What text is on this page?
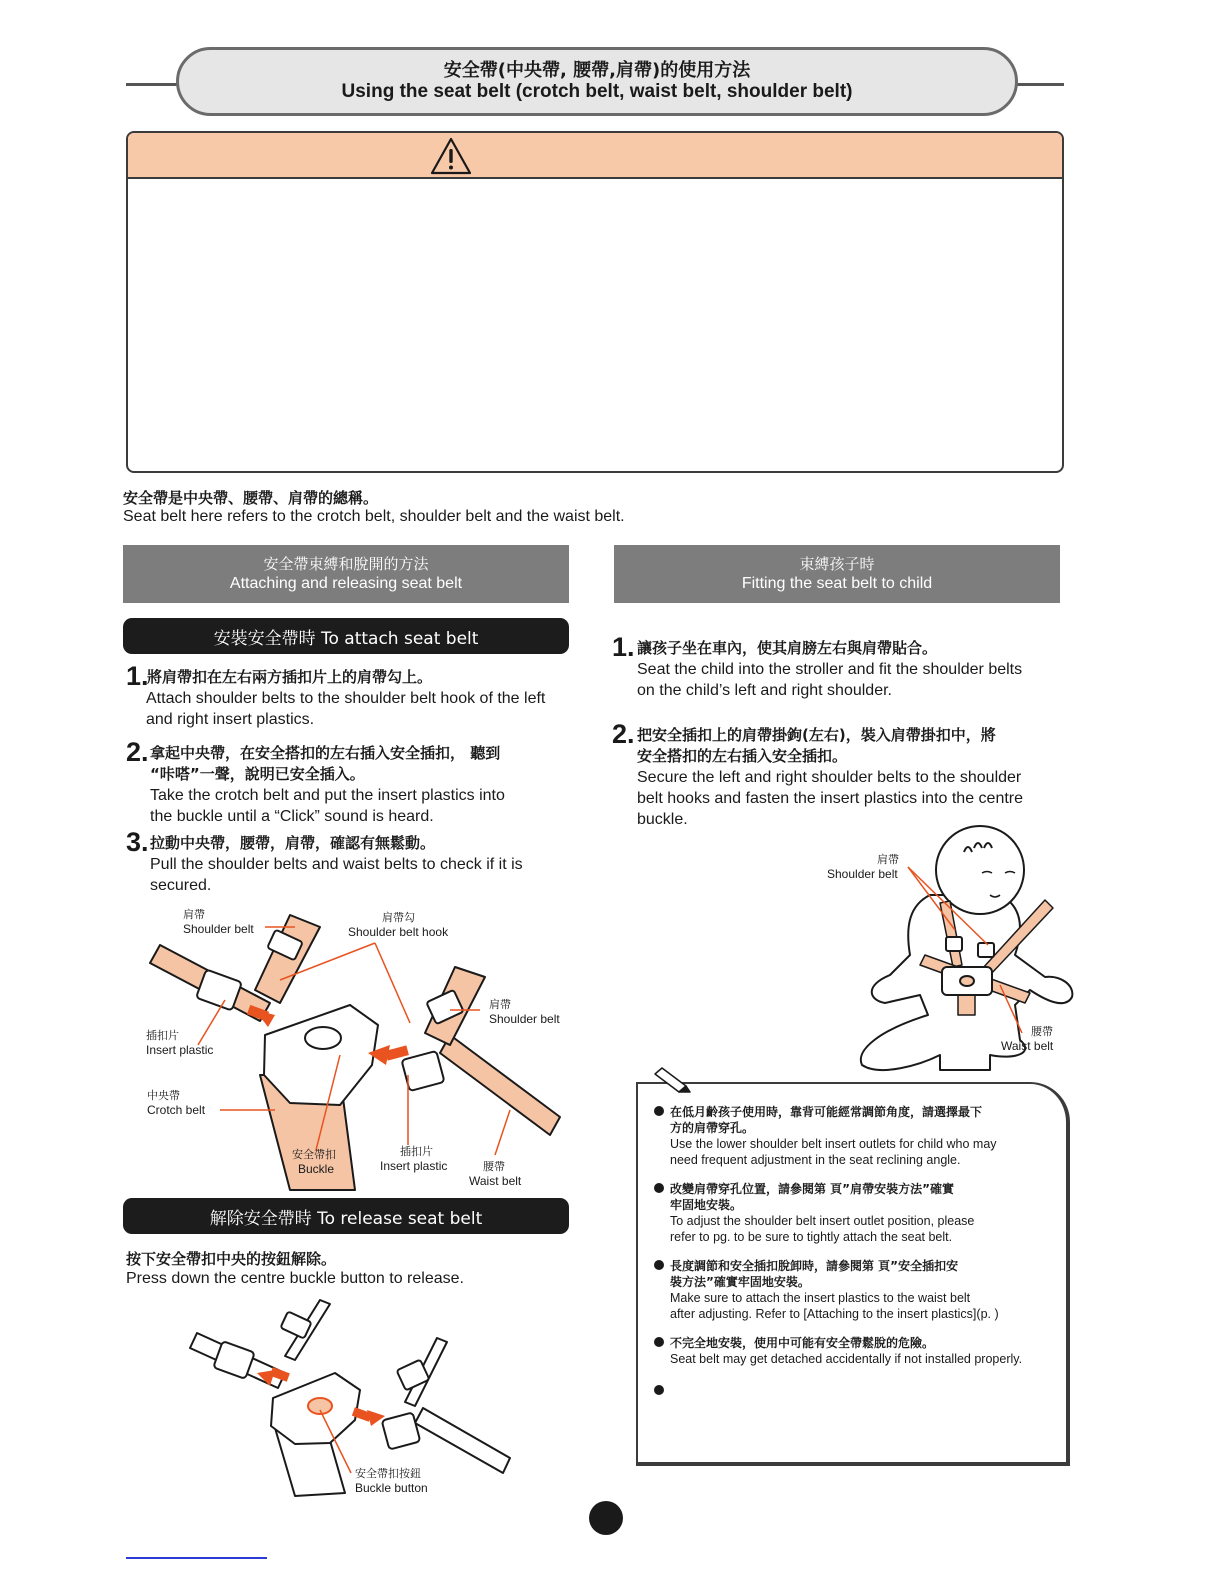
安全帶(中央帶, 腰帶,肩帶)的使用方法
Using the seat belt (crotch belt, waist belt, shoulder belt)
安全帶是中央帶、腰帶、肩帶的總稱。
Seat belt here refers to the crotch belt, shoulder belt and the waist belt.
安全帶束縛和脫開的方法
Attaching and releasing seat belt
束縛孩子時
Fitting the seat belt to child
安裝安全帶時 To attach seat belt
1.
將肩帶扣在左右兩方插扣片上的肩帶勾上。
Attach shoulder belts to the shoulder belt hook of the left
and right insert plastics.
2. 拿起中央帶，在安全搭扣的左右插入安全插扣， 聽到
“咔嗒”一聲，說明已安全插入。
Take the crotch belt and put the insert plastics into
the buckle until a “Click” sound is heard.
3. 拉動中央帶，腰帶，肩帶，確認有無鬆動。
Pull the shoulder belts and waist belts to check if it is
secured.
肩帶
Shoulder belt
肩帶勾
Shoulder belt hook
肩帶
Shoulder belt
插扣片
Insert plastic
中央帶
Crotch belt
安全帶扣
Buckle
插扣片
Insert plastic	腰帶
Waist belt
解除安全帶時 To release seat belt
按下安全帶扣中央的按鈕解除。
Press down the centre buckle button to release.
安全帶扣按鈕
Buckle button
1. 讓孩子坐在車內，使其肩膀左右與肩帶貼合。
Seat the child into the stroller and fit the shoulder belts
on the child’s left and right shoulder.
2. 把安全插扣上的肩帶掛鉤(左右)，裝入肩帶掛扣中，將
安全搭扣的左右插入安全插扣。
Secure the left and right shoulder belts to the shoulder
belt hooks and fasten the insert plastics into the centre
buckle.
肩帶
Shoulder belt
腰帶
Waist belt
在低月齡孩子使用時，靠背可能經常調節角度，請選擇最下
方的肩帶穿孔。
Use the lower shoulder belt insert outlets for child who may
need frequent adjustment in the seat reclining angle.
改變肩帶穿孔位置，請參閱第 頁”肩帶安裝方法”確實
牢固地安裝。
To adjust the shoulder belt insert outlet position, please
refer to pg. to be sure to tightly attach the seat belt.
長度調節和安全插扣脫卸時，請參閱第 頁”安全插扣安
裝方法”確實牢固地安裝。
Make sure to attach the insert plastics to the waist belt
after adjusting. Refer to [Attaching to the insert plastics](p. )
不完全地安裝，使用中可能有安全帶鬆脫的危險。
Seat belt may get detached accidentally if not installed properly.
